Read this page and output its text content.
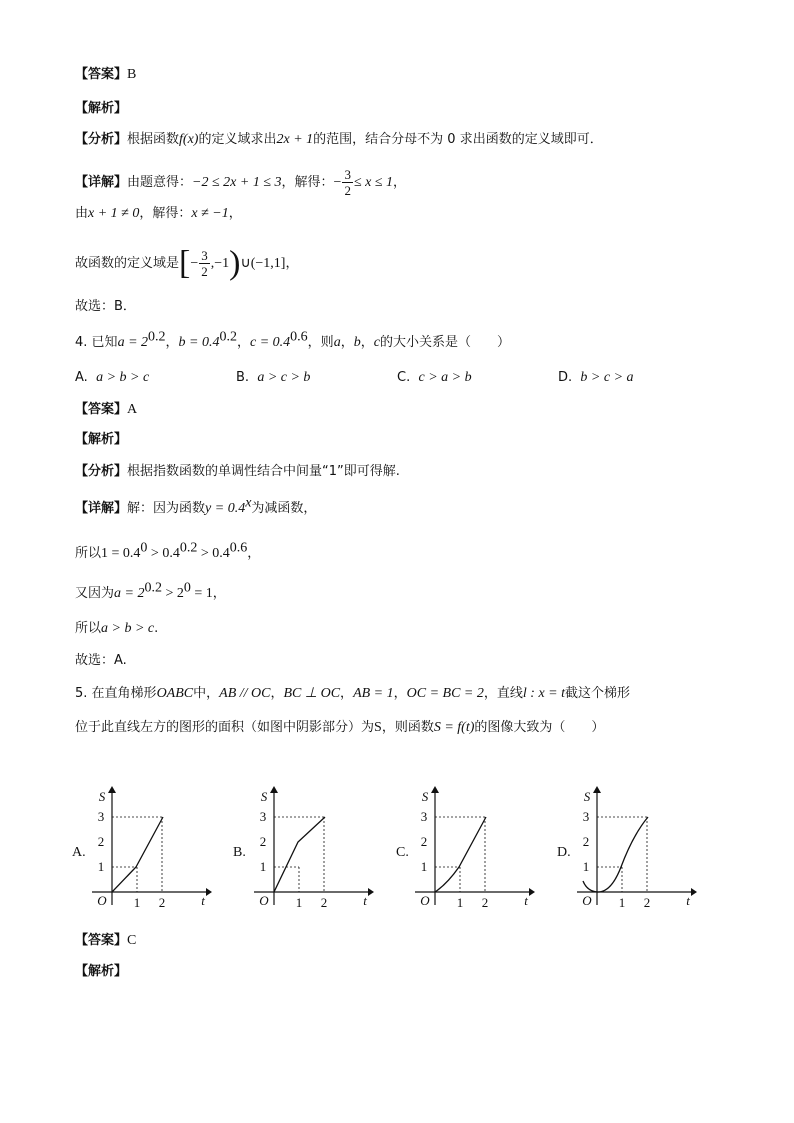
【答案】B
【解析】
【分析】根据函数f(x)的定义域求出2x + 1的范围，结合分母不为 0 求出函数的定义域即可．
【详解】由题意得：−2 ≤ 2x + 1 ≤ 3，解得：− $\frac{3}{2} \le x \le 1$，
由x + 1 ≠ 0，解得：x ≠ −1，
故函数的定义域是[− $\frac{3}{2}$ ,−1)∪(−1,1]，
故选：B．
4. 已知$a = 2^{0.2}$，$b = 0.4^{0.2}$，$c = 0.4^{0.6}$，则a，b，c的大小关系是（　　）
A. a > b > c	B. a > c > b	C. c > a > b	D. b > c > a
【答案】A
【解析】
【分析】根据指数函数的单调性结合中间量“1”即可得解.
【详解】解：因为函数$y = 0.4^x$为减函数，
所以$1 = 0.4^0 > 0.4^{0.2} > 0.4^{0.6}$，
又因为$a = 2^{0.2} > 2^0 = 1$，
所以a > b > c.
故选：A.
5. 在直角梯形OABC中，AB // OC，BC ⊥ OC，AB = 1，OC = BC = 2，直线l : x = t截这个梯形
位于此直线左方的图形的面积（如图中阴影部分）为S，则函数S = f(t)的图像大致为（　　）
A.	B.	C.	D.
S
t
O
1
2
3
1 2
S
t
O
1
2
3
1 2
S
t
O
1
2
3
1 2
S
t
O
1
2
3
1 2
【答案】C
【解析】
